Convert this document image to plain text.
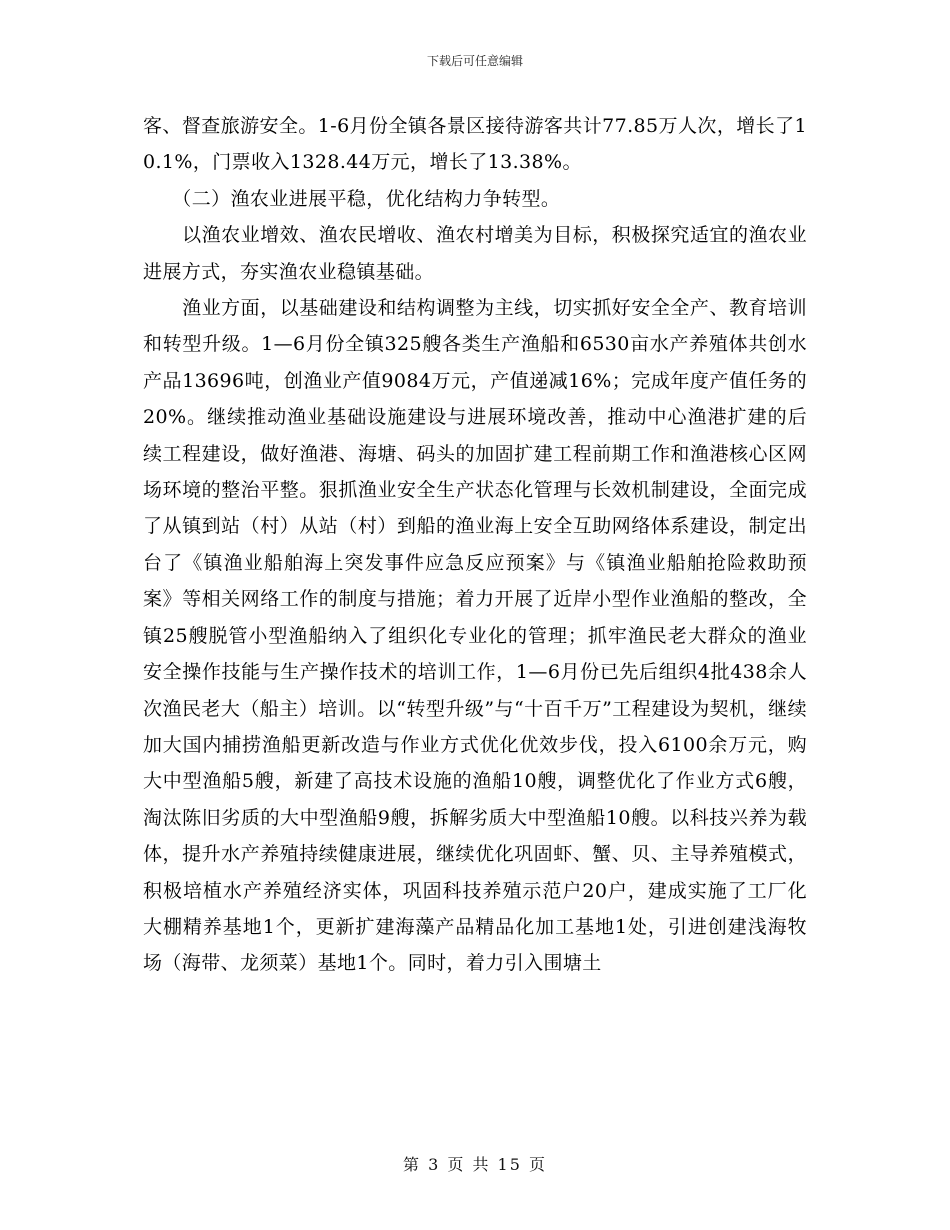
下载后可任意编辑

客、督查旅游安全。1-6月份全镇各景区接待游客共计77.85万人次，增长了10.1%，门票收入1328.44万元，增长了13.38%。

　　（二）渔农业进展平稳，优化结构力争转型。

　　以渔农业增效、渔农民增收、渔农村增美为目标，积极探究适宜的渔农业进展方式，夯实渔农业稳镇基础。

　　渔业方面，以基础建设和结构调整为主线，切实抓好安全全产、教育培训和转型升级。1—6月份全镇325艘各类生产渔船和6530亩水产养殖体共创水产品13696吨，创渔业产值9084万元，产值递减16%；完成年度产值任务的20%。继续推动渔业基础设施建设与进展环境改善，推动中心渔港扩建的后续工程建设，做好渔港、海塘、码头的加固扩建工程前期工作和渔港核心区网场环境的整治平整。狠抓渔业安全生产状态化管理与长效机制建设，全面完成了从镇到站（村）从站（村）到船的渔业海上安全互助网络体系建设，制定出台了《镇渔业船舶海上突发事件应急反应预案》与《镇渔业船舶抢险救助预案》等相关网络工作的制度与措施；着力开展了近岸小型作业渔船的整改，全镇25艘脱管小型渔船纳入了组织化专业化的管理；抓牢渔民老大群众的渔业安全操作技能与生产操作技术的培训工作，1—6月份已先后组织4批438余人次渔民老大（船主）培训。以“转型升级”与“十百千万”工程建设为契机，继续加大国内捕捞渔船更新改造与作业方式优化优效步伐，投入6100余万元，购大中型渔船5艘，新建了高技术设施的渔船10艘，调整优化了作业方式6艘，淘汰陈旧劣质的大中型渔船9艘，拆解劣质大中型渔船10艘。以科技兴养为载体，提升水产养殖持续健康进展，继续优化巩固虾、蟹、贝、主导养殖模式，积极培植水产养殖经济实体，巩固科技养殖示范户20户，建成实施了工厂化大棚精养基地1个，更新扩建海藻产品精品化加工基地1处，引进创建浅海牧场（海带、龙须菜）基地1个。同时，着力引入围塘土

第 3 页 共 15 页
